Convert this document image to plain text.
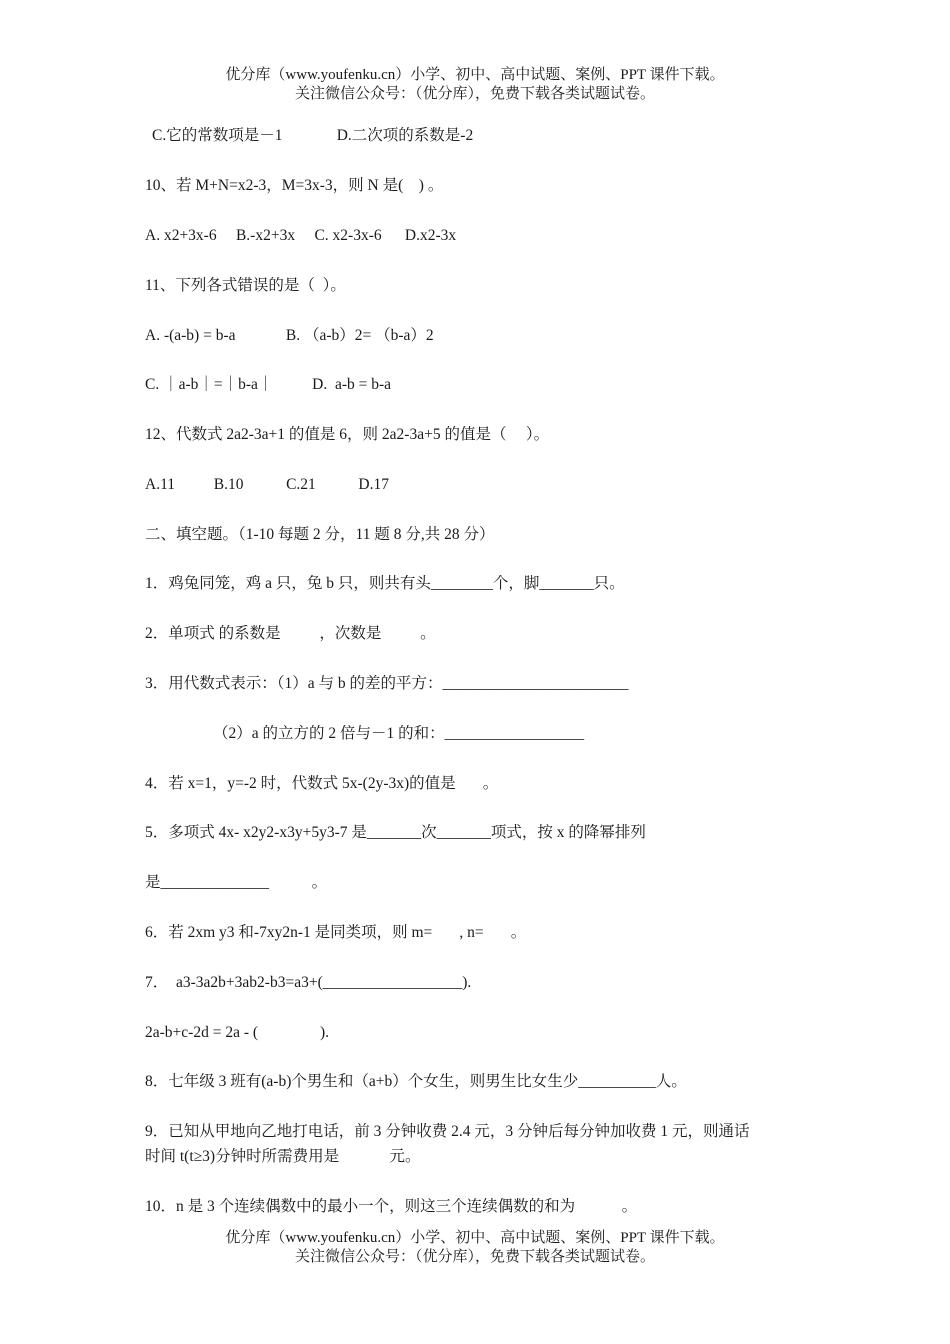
优分库（www.youfenku.cn）小学、初中、高中试题、案例、PPT 课件下载。
关注微信公众号：（优分库），免费下载各类试题试卷。
C.它的常数项是－1              D.二次项的系数是-2
10、若 M+N=x2-3，M=3x-3，则 N 是(    ) 。
A. x2+3x-6     B.-x2+3x     C. x2-3x-6      D.x2-3x
11、下列各式错误的是（  ）。
A. -(a-b) = b-a             B. （a-b）2= （b-a）2
C. ｜a-b｜=｜b-a｜          D.  a-b = b-a
12、代数式 2a2-3a+1 的值是 6，则 2a2-3a+5 的值是（     ）。
A.11          B.10           C.21           D.17
二、填空题。（1-10 每题 2 分，11 题 8 分,共 28 分）
1．鸡兔同笼，鸡 a 只，兔 b 只，则共有头________个，脚_______只。
2．单项式 的系数是          ，次数是          。
3．用代数式表示：（1）a 与 b 的差的平方：________________________
（2）a 的立方的 2 倍与－1 的和：__________________
4．若 x=1，y=-2 时，代数式 5x-(2y-3x)的值是       。
5．多项式 4x- x2y2-x3y+5y3-7 是_______次_______项式，按 x 的降幂排列
是______________           。
6．若 2xm y3 和-7xy2n-1 是同类项，则 m=       , n=       。
7．  a3-3a2b+3ab2-b3=a3+(__________________).
2a-b+c-2d = 2a - (                ).
8．七年级 3 班有(a-b)个男生和（a+b）个女生，则男生比女生少__________人。
9．已知从甲地向乙地打电话，前 3 分钟收费 2.4 元，3 分钟后每分钟加收费 1 元，则通话
时间 t(t≥3)分钟时所需费用是             元。
10．n 是 3 个连续偶数中的最小一个，则这三个连续偶数的和为            。
优分库（www.youfenku.cn）小学、初中、高中试题、案例、PPT 课件下载。
关注微信公众号：（优分库），免费下载各类试题试卷。
